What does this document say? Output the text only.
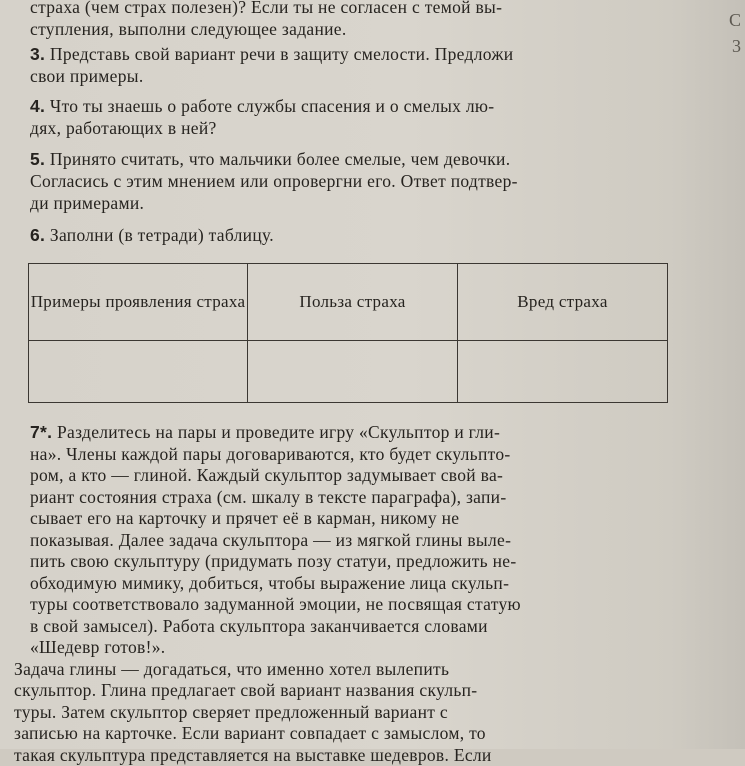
страха (чем страх полезен)? Если ты не согласен с темой вы-
ступления, выполни следующее задание.
3. Представь свой вариант речи в защиту смелости. Предложи
свои примеры.
4. Что ты знаешь о работе службы спасения и о смелых лю-
дях, работающих в ней?
5. Принято считать, что мальчики более смелые, чем девочки.
Согласись с этим мнением или опровергни его. Ответ подтвер-
ди примерами.
6. Заполни (в тетради) таблицу.
Примеры проявления страха	Польза страха	Вред страха

7*. Разделитесь на пары и проведите игру «Скульптор и гли-
на». Члены каждой пары договариваются, кто будет скульпто-
ром, а кто — глиной. Каждый скульптор задумывает свой ва-
риант состояния страха (см. шкалу в тексте параграфа), запи-
сывает его на карточку и прячет её в карман, никому не
показывая. Далее задача скульптора — из мягкой глины выле-
пить свою скульптуру (придумать позу статуи, предложить не-
обходимую мимику, добиться, чтобы выражение лица скульп-
туры соответствовало задуманной эмоции, не посвящая статую
в свой замысел). Работа скульптора заканчивается словами
«Шедевр готов!».
Задача глины — догадаться, что именно хотел вылепить
скульптор. Глина предлагает свой вариант названия скульп-
туры. Затем скульптор сверяет предложенный вариант с
записью на карточке. Если вариант совпадает с замыслом, то
такая скульптура представляется на выставке шедевров. Если
С
3
